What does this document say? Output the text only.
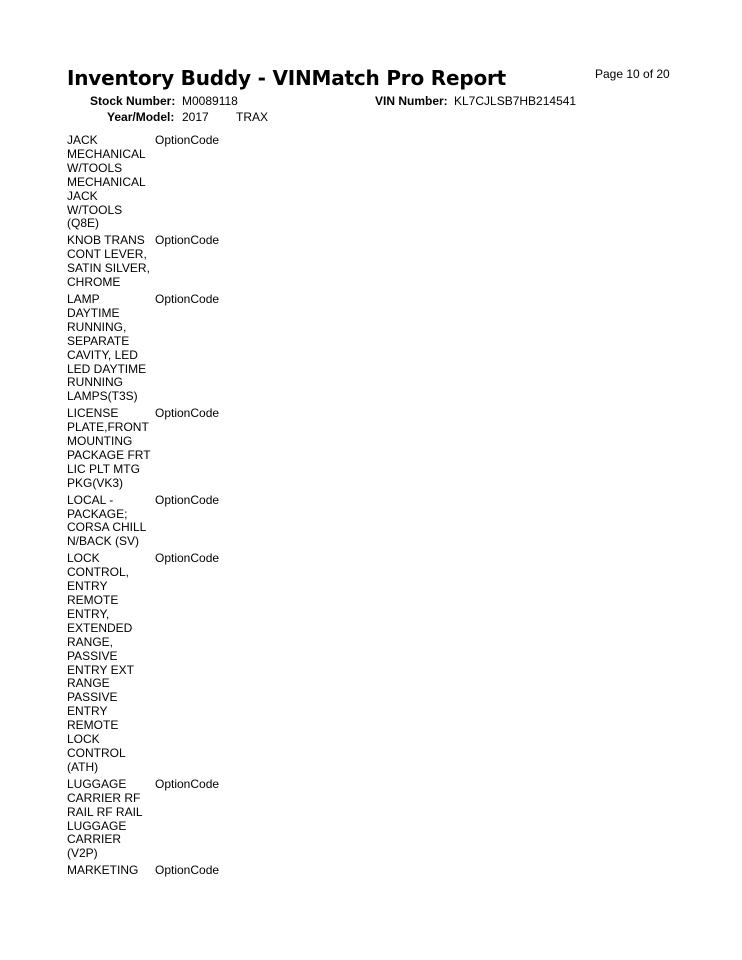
Inventory Buddy - VINMatch Pro Report	Page 10 of 20
Stock Number: M0089118	VIN Number: KL7CJLSB7HB214541
Year/Model: 2017 TRAX
JACK
MECHANICAL
W/TOOLS
MECHANICAL
JACK
W/TOOLS
(Q8E)
OptionCode
KNOB TRANS
CONT LEVER,
SATIN SILVER,
CHROME
OptionCode
LAMP
DAYTIME
RUNNING,
SEPARATE
CAVITY, LED
LED DAYTIME
RUNNING
LAMPS(T3S)
OptionCode
LICENSE
PLATE,FRONT
MOUNTING
PACKAGE FRT
LIC PLT MTG
PKG(VK3)
OptionCode
LOCAL -
PACKAGE;
CORSA CHILL
N/BACK (SV)
OptionCode
LOCK
CONTROL,
ENTRY
REMOTE
ENTRY,
EXTENDED
RANGE,
PASSIVE
ENTRY EXT
RANGE
PASSIVE
ENTRY
REMOTE
LOCK
CONTROL
(ATH)
OptionCode
LUGGAGE
CARRIER RF
RAIL RF RAIL
LUGGAGE
CARRIER
(V2P)
OptionCode
MARKETING	OptionCode
